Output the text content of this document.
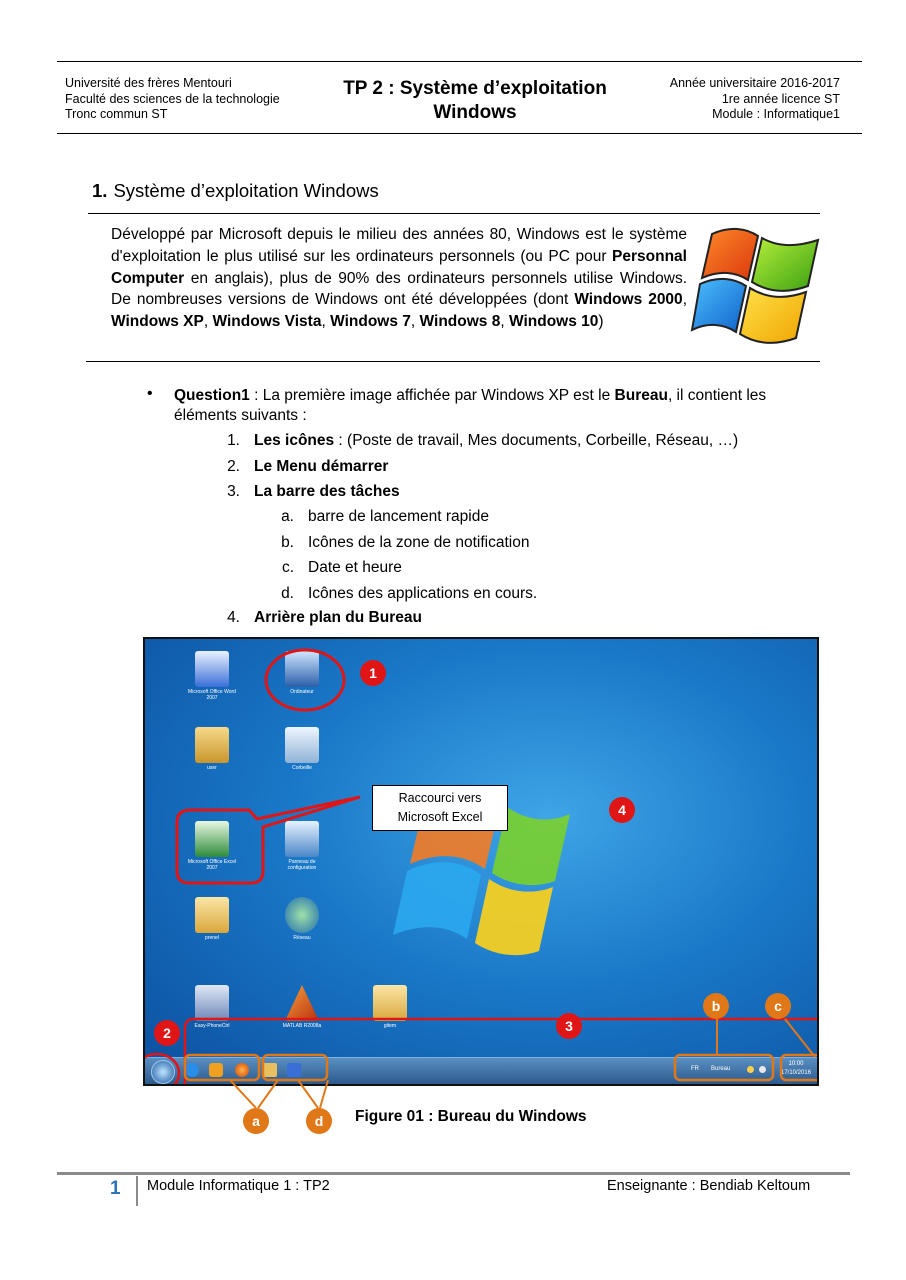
Université des frères Mentouri
Faculté des sciences de la technologie
Tronc commun ST
TP 2 : Système d’exploitation
Windows
Année universitaire 2016-2017
1re année licence ST
Module : Informatique1
1. Système d’exploitation Windows
Développé par Microsoft depuis le milieu des années 80, Windows est le système d'exploitation le plus utilisé sur les ordinateurs personnels (ou PC pour Personnal Computer en anglais), plus de 90% des ordinateurs personnels utilise Windows. De nombreuses versions de Windows ont été développées (dont Windows 2000, Windows XP, Windows Vista, Windows 7, Windows 8, Windows 10)
• Question1 : La première image affichée par Windows XP est le Bureau, il contient les éléments suivants :
1. Les icônes : (Poste de travail, Mes documents, Corbeille, Réseau, …)
2. Le Menu démarrer
3. La barre des tâches
a. barre de lancement rapide
b. Icônes de la zone de notification
c. Date et heure
d. Icônes des applications en cours.
4. Arrière plan du Bureau
Microsoft Office Word 2007
Ordinateur
user	Corbeille
Microsoft Office Excel 2007
Panneau de configuration
prenel	Réseau
Easy-PhoneCtrl	MATLAB R2008a	gitem
Raccourci vers
Microsoft Excel
FR Bureau
10:00
17/10/2016
1
4
2	3
b	c
a	d	Figure 01 : Bureau du Windows
1 Module Informatique 1 : TP2	Enseignante : Bendiab Keltoum
